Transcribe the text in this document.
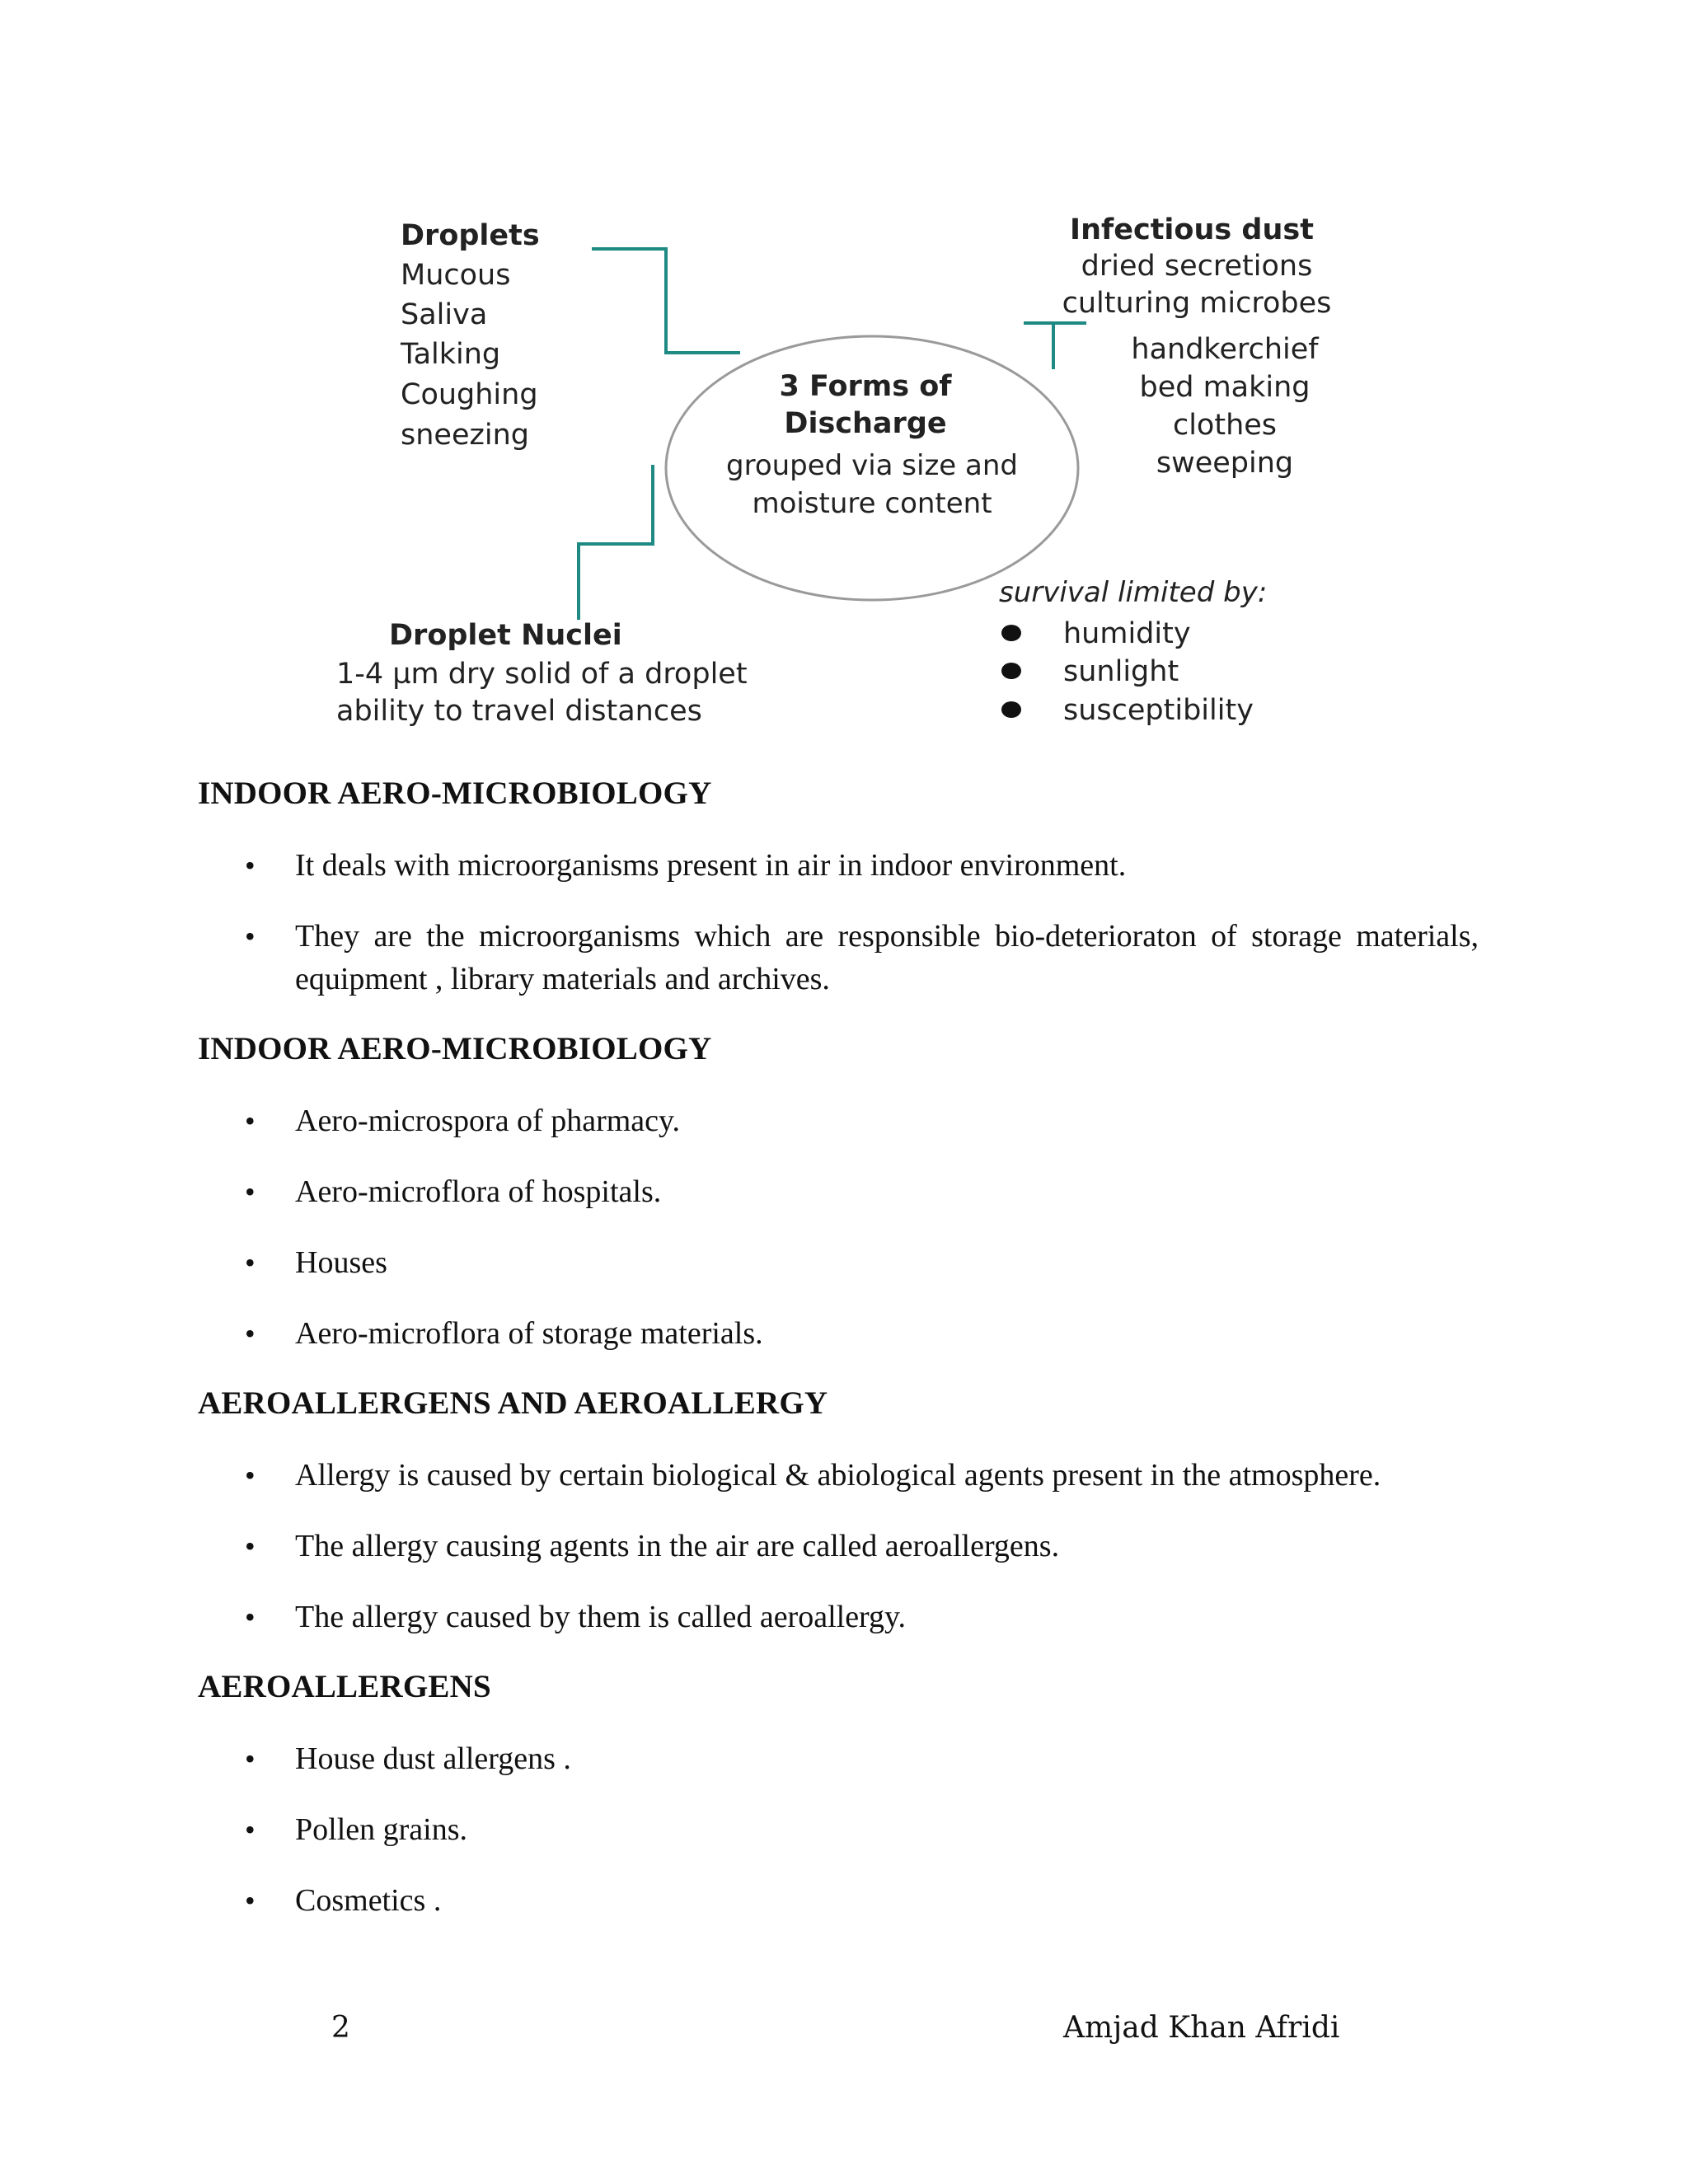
3 Forms of
Discharge
grouped via size and
moisture content
Droplets
Mucous
Saliva
Talking
Coughing
sneezing
Infectious dust
dried secretions
culturing microbes
handkerchief
bed making
clothes
sweeping
Droplet Nuclei
1-4 µm dry solid of a droplet
ability to travel distances
survival limited by:
humidity
sunlight
susceptibility
INDOOR AERO-MICROBIOLOGY
• It deals with microorganisms present in air in indoor environment.
• They are the microorganisms which are responsible bio-deterioraton of storage materials, equipment , library materials and archives.
INDOOR AERO-MICROBIOLOGY
• Aero-microspora of pharmacy.
• Aero-microflora of hospitals.
• Houses
• Aero-microflora of storage materials.
AEROALLERGENS AND AEROALLERGY
• Allergy is caused by certain biological & abiological agents present in the atmosphere.
• The allergy causing agents in the air are called aeroallergens.
• The allergy caused by them is called aeroallergy.
AEROALLERGENS
• House dust allergens .
• Pollen grains.
• Cosmetics .
2	Amjad Khan Afridi
